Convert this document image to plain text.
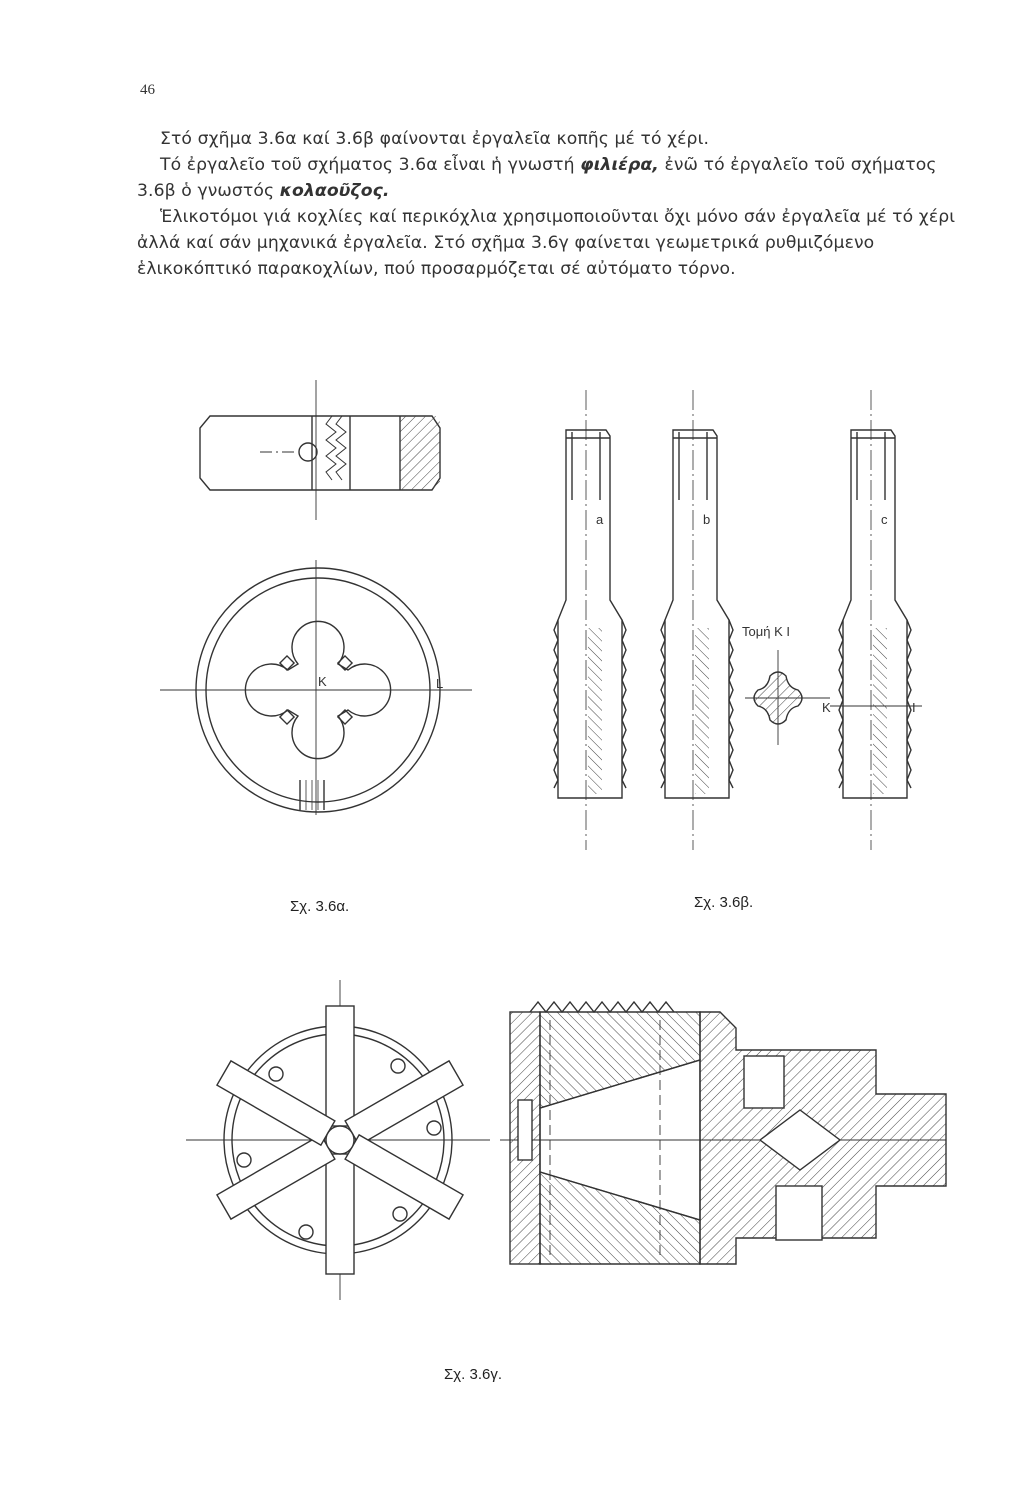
46

Στό σχῆμα 3.6α καί 3.6β φαίνονται ἐργαλεῖα κοπῆς μέ τό χέρι.

Τό ἐργαλεῖο τοῦ σχήματος 3.6α εἶναι ἡ γνωστή φιλιέρα, ἐνῶ τό ἐργαλεῖο τοῦ σχήματος 3.6β ὁ γνωστός κολαοῦζος.

Ἑλικοτόμοι γιά κοχλίες καί περικόχλια χρησιμοποιοῦνται ὄχι μόνο σάν ἐργαλεῖα μέ τό χέρι ἀλλά καί σάν μηχανικά ἐργαλεῖα. Στό σχῆμα 3.6γ φαίνεται γεωμετρικά ρυθμιζόμενο ἑλικοκόπτικό παρακοχλίων, πού προσαρμόζεται σέ αὐτόματο τόρνο.

K	L
a	b	c
Τομή K I
K	I
Σχ. 3.6α.	Σχ. 3.6β.
Σχ. 3.6γ.
